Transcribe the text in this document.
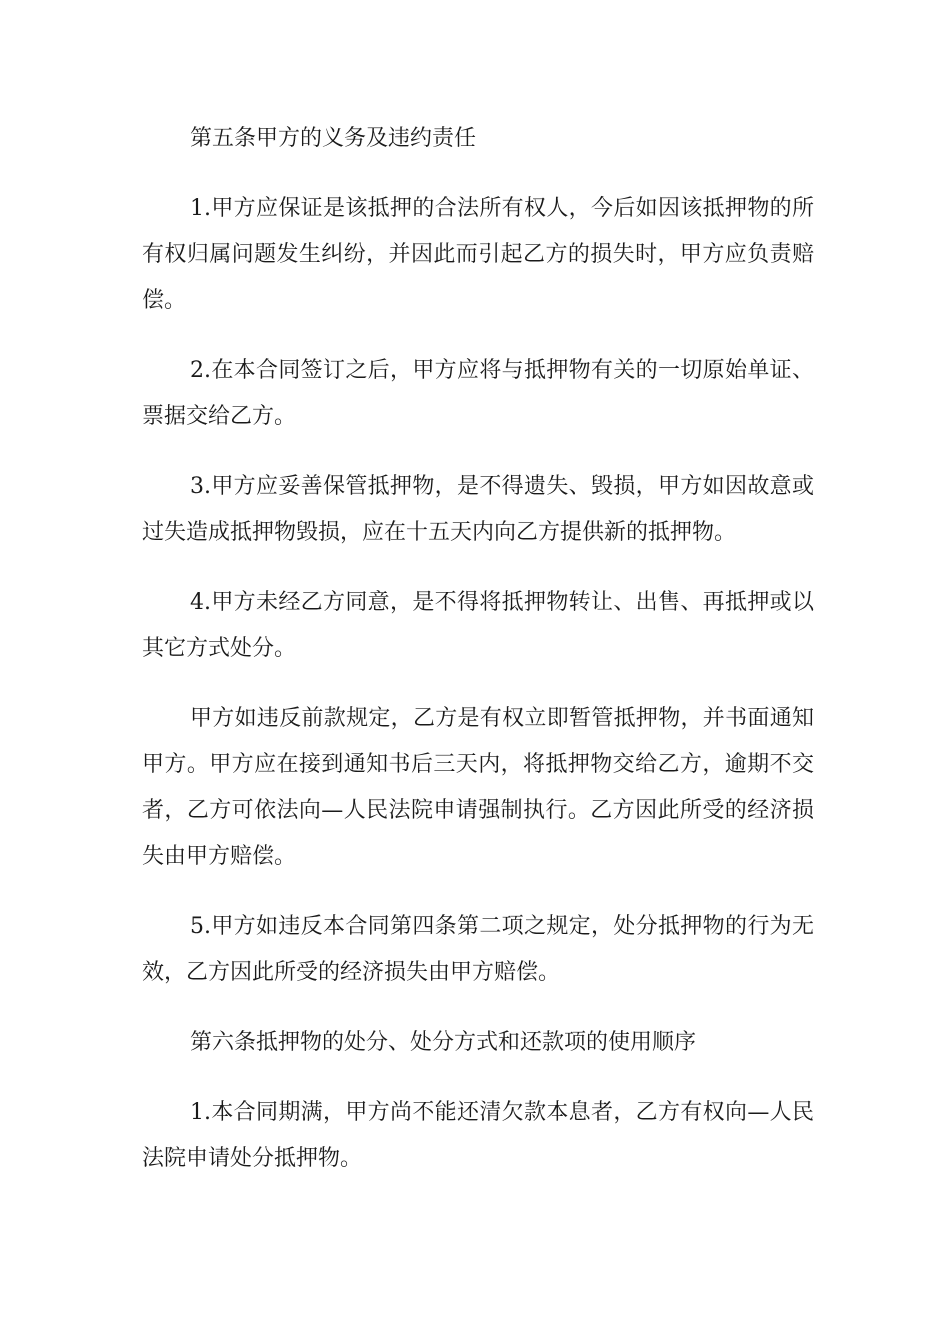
第五条甲方的义务及违约责任

1.甲方应保证是该抵押的合法所有权人，今后如因该抵押物的所有权归属问题发生纠纷，并因此而引起乙方的损失时，甲方应负责赔偿。

2.在本合同签订之后，甲方应将与抵押物有关的一切原始单证、票据交给乙方。

3.甲方应妥善保管抵押物，是不得遗失、毁损，甲方如因故意或过失造成抵押物毁损，应在十五天内向乙方提供新的抵押物。

4.甲方未经乙方同意，是不得将抵押物转让、出售、再抵押或以其它方式处分。

甲方如违反前款规定，乙方是有权立即暂管抵押物，并书面通知甲方。甲方应在接到通知书后三天内，将抵押物交给乙方，逾期不交者，乙方可依法向—人民法院申请强制执行。乙方因此所受的经济损失由甲方赔偿。

5.甲方如违反本合同第四条第二项之规定，处分抵押物的行为无效，乙方因此所受的经济损失由甲方赔偿。

第六条抵押物的处分、处分方式和还款项的使用顺序

1.本合同期满，甲方尚不能还清欠款本息者，乙方有权向—人民法院申请处分抵押物。
